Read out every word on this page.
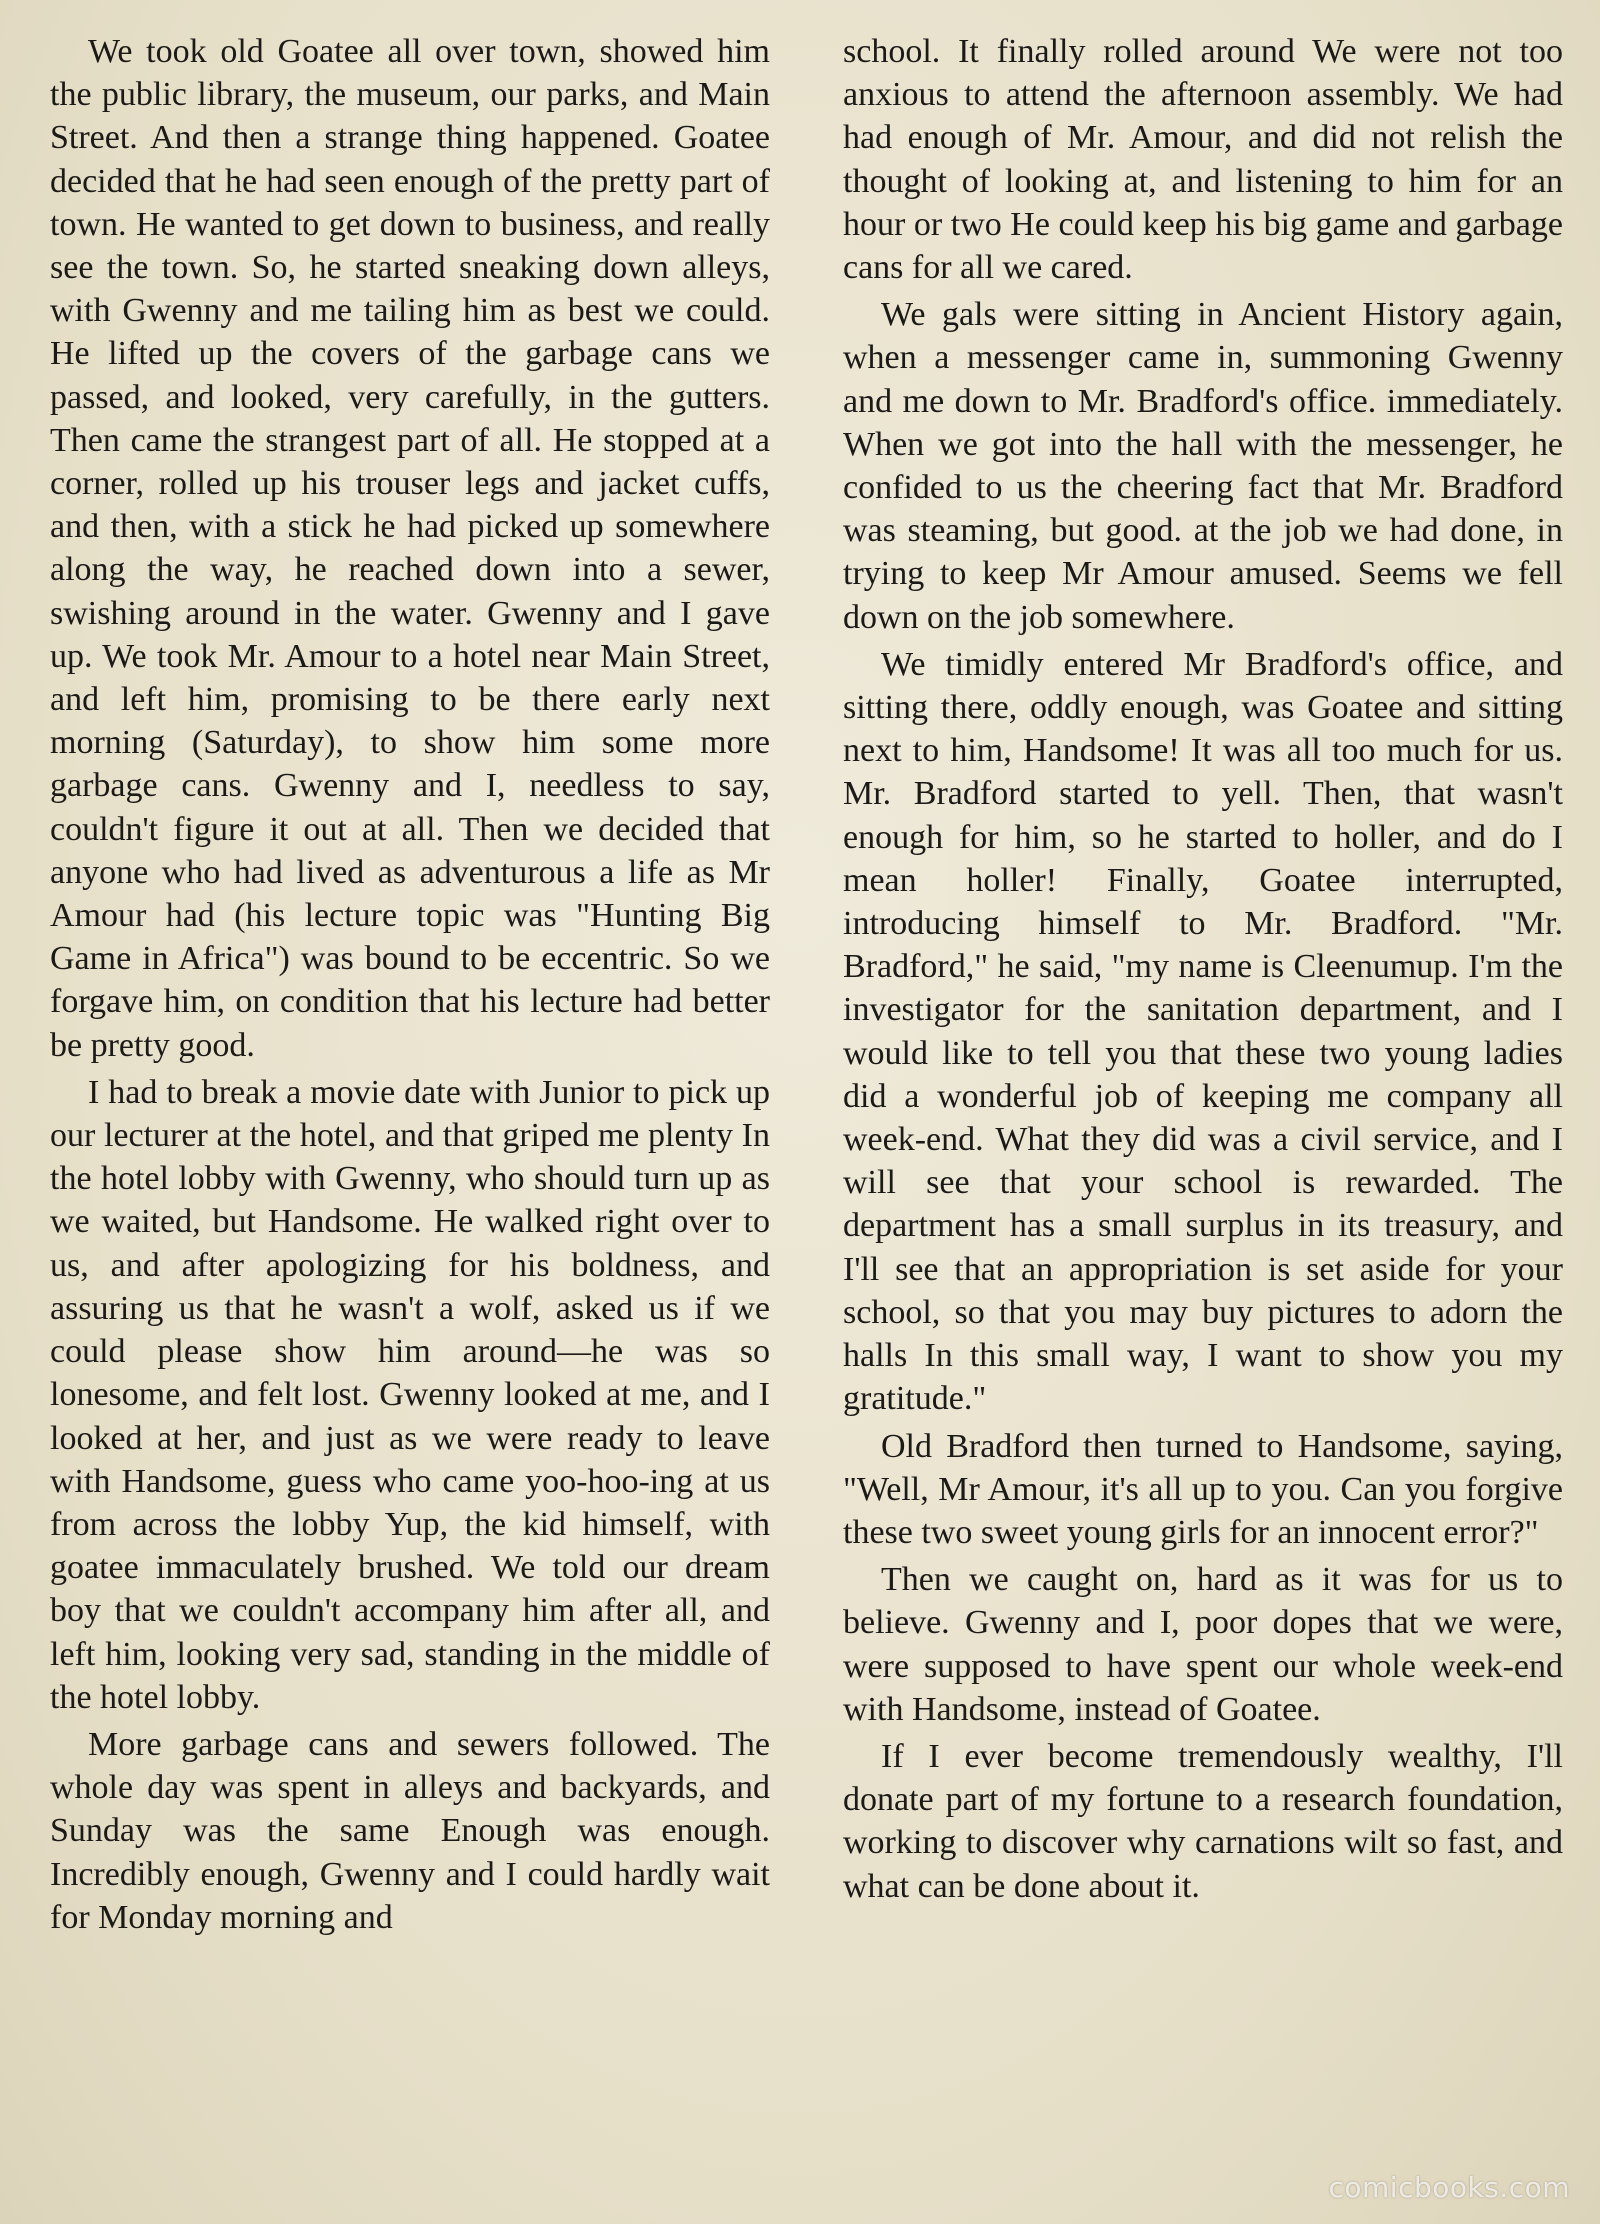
We took old Goatee all over town, showed him the public library, the museum, our parks, and Main Street. And then a strange thing happened. Goatee decided that he had seen enough of the pretty part of town. He wanted to get down to business, and really see the town. So, he started sneaking down alleys, with Gwenny and me tailing him as best we could. He lifted up the covers of the garbage cans we passed, and looked, very carefully, in the gutters. Then came the strangest part of all. He stopped at a corner, rolled up his trouser legs and jacket cuffs, and then, with a stick he had picked up somewhere along the way, he reached down into a sewer, swishing around in the water. Gwenny and I gave up. We took Mr. Amour to a hotel near Main Street, and left him, promising to be there early next morning (Saturday), to show him some more garbage cans. Gwenny and I, needless to say, couldn't figure it out at all. Then we decided that anyone who had lived as adventurous a life as Mr Amour had (his lecture topic was "Hunting Big Game in Africa") was bound to be eccentric. So we forgave him, on condition that his lecture had better be pretty good.

I had to break a movie date with Junior to pick up our lecturer at the hotel, and that griped me plenty In the hotel lobby with Gwenny, who should turn up as we waited, but Handsome. He walked right over to us, and after apologizing for his boldness, and assuring us that he wasn't a wolf, asked us if we could please show him around—he was so lonesome, and felt lost. Gwenny looked at me, and I looked at her, and just as we were ready to leave with Handsome, guess who came yoo-hoo-ing at us from across the lobby Yup, the kid himself, with goatee immaculately brushed. We told our dream boy that we couldn't accompany him after all, and left him, looking very sad, standing in the middle of the hotel lobby.

More garbage cans and sewers followed. The whole day was spent in alleys and backyards, and Sunday was the same Enough was enough. Incredibly enough, Gwenny and I could hardly wait for Monday morning and

school. It finally rolled around We were not too anxious to attend the afternoon assembly. We had had enough of Mr. Amour, and did not relish the thought of looking at, and listening to him for an hour or two He could keep his big game and garbage cans for all we cared.

We gals were sitting in Ancient History again, when a messenger came in, summoning Gwenny and me down to Mr. Bradford's office. immediately. When we got into the hall with the messenger, he confided to us the cheering fact that Mr. Bradford was steaming, but good. at the job we had done, in trying to keep Mr Amour amused. Seems we fell down on the job somewhere.

We timidly entered Mr Bradford's office, and sitting there, oddly enough, was Goatee and sitting next to him, Handsome! It was all too much for us. Mr. Bradford started to yell. Then, that wasn't enough for him, so he started to holler, and do I mean holler! Finally, Goatee interrupted, introducing himself to Mr. Bradford. "Mr. Bradford," he said, "my name is Cleenumup. I'm the investigator for the sanitation department, and I would like to tell you that these two young ladies did a wonderful job of keeping me company all week-end. What they did was a civil service, and I will see that your school is rewarded. The department has a small surplus in its treasury, and I'll see that an appropriation is set aside for your school, so that you may buy pictures to adorn the halls In this small way, I want to show you my gratitude."

Old Bradford then turned to Handsome, saying, "Well, Mr Amour, it's all up to you. Can you forgive these two sweet young girls for an innocent error?"

Then we caught on, hard as it was for us to believe. Gwenny and I, poor dopes that we were, were supposed to have spent our whole week-end with Handsome, instead of Goatee.

If I ever become tremendously wealthy, I'll donate part of my fortune to a research foundation, working to discover why carnations wilt so fast, and what can be done about it.

comicbooks.com
